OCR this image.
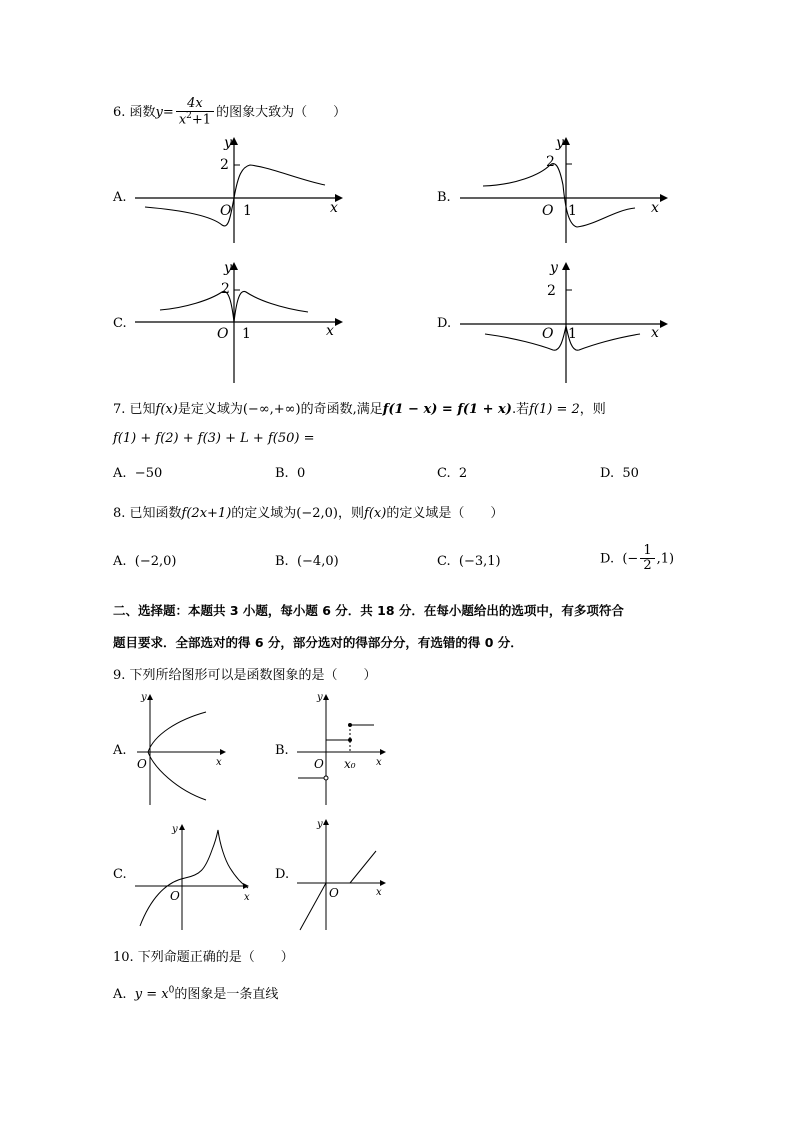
6. 函数$y= \frac{4x}{x^2+1}$ 的图象大致为（　　）
A.
y
x
O 1
2
B.
y
x
O 1
2
C.
y
x
O 1
2
D.
y
x
O 1
2
7. 已知f(x)是定义域为(−∞,+∞)的奇函数,满足f(1 − x) = f(1 + x).若f(1) = 2，则
f(1) + f(2) + f(3) + L + f(50) =
A. −50	B. 0	C. 2	D. 50
8. 已知函数f(2x+1)的定义域为(−2,0)，则f(x)的定义域是（　　）
A. (−2,0)	B. (−4,0)	C. (−3,1)	D. (− $\frac{1}{2} ,1$)
二、选择题：本题共 3 小题，每小题 6 分．共 18 分．在每小题给出的选项中，有多项符合
题目要求．全部选对的得 6 分，部分选对的得部分分，有选错的得 0 分．
9. 下列所给图形可以是函数图象的是（　　）
A.
y
x
O
B.
y
x
O x₀
C.
y
x
O
D.
y
x
O
10. 下列命题正确的是（　　）
A. $y = x^0$的图象是一条直线
